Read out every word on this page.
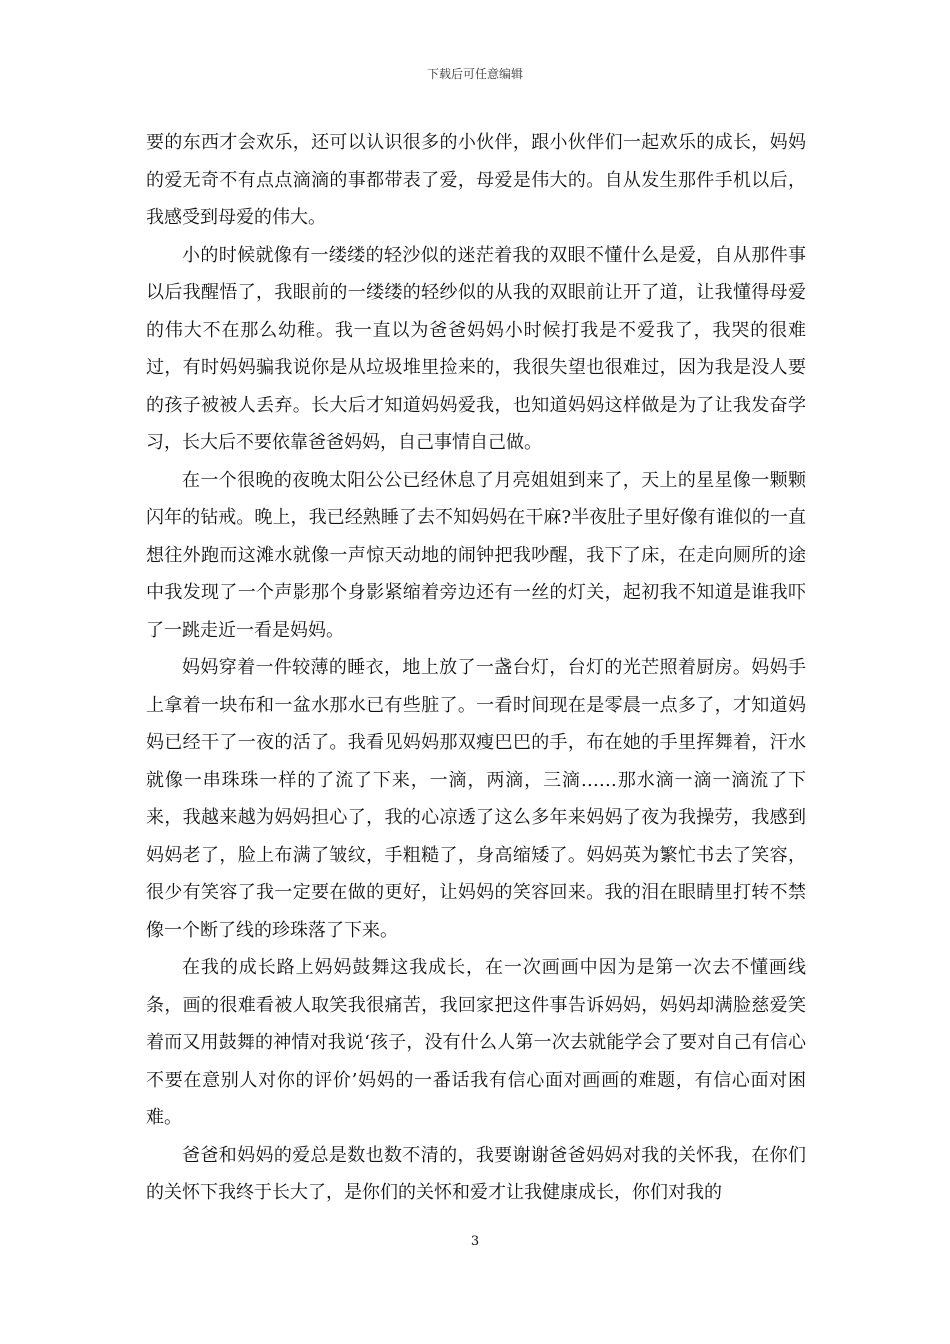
下载后可任意编辑

要的东西才会欢乐，还可以认识很多的小伙伴，跟小伙伴们一起欢乐的成长，妈妈的爱无奇不有点点滴滴的事都带表了爱，母爱是伟大的。自从发生那件手机以后，我感受到母爱的伟大。

小的时候就像有一缕缕的轻沙似的迷茫着我的双眼不懂什么是爱，自从那件事以后我醒悟了，我眼前的一缕缕的轻纱似的从我的双眼前让开了道，让我懂得母爱的伟大不在那么幼稚。我一直以为爸爸妈妈小时候打我是不爱我了，我哭的很难过，有时妈妈骗我说你是从垃圾堆里捡来的，我很失望也很难过，因为我是没人要的孩子被被人丢弃。长大后才知道妈妈爱我，也知道妈妈这样做是为了让我发奋学习，长大后不要依靠爸爸妈妈，自己事情自己做。

在一个很晚的夜晚太阳公公已经休息了月亮姐姐到来了，天上的星星像一颗颗闪年的钻戒。晚上，我已经熟睡了去不知妈妈在干麻?半夜肚子里好像有谁似的一直想往外跑而这滩水就像一声惊天动地的闹钟把我吵醒，我下了床，在走向厕所的途中我发现了一个声影那个身影紧缩着旁边还有一丝的灯关，起初我不知道是谁我吓了一跳走近一看是妈妈。

妈妈穿着一件较薄的睡衣，地上放了一盏台灯，台灯的光芒照着厨房。妈妈手上拿着一块布和一盆水那水已有些脏了。一看时间现在是零晨一点多了，才知道妈妈已经干了一夜的活了。我看见妈妈那双瘦巴巴的手，布在她的手里挥舞着，汗水就像一串珠珠一样的了流了下来，一滴，两滴，三滴……那水滴一滴一滴流了下来，我越来越为妈妈担心了，我的心凉透了这么多年来妈妈了夜为我操劳，我感到妈妈老了，脸上布满了皱纹，手粗糙了，身高缩矮了。妈妈英为繁忙书去了笑容，很少有笑容了我一定要在做的更好，让妈妈的笑容回来。我的泪在眼睛里打转不禁像一个断了线的珍珠落了下来。

在我的成长路上妈妈鼓舞这我成长，在一次画画中因为是第一次去不懂画线条，画的很难看被人取笑我很痛苦，我回家把这件事告诉妈妈，妈妈却满脸慈爱笑着而又用鼓舞的神情对我说‘孩子，没有什么人第一次去就能学会了要对自己有信心不要在意别人对你的评价’妈妈的一番话我有信心面对画画的难题，有信心面对困难。

爸爸和妈妈的爱总是数也数不清的，我要谢谢爸爸妈妈对我的关怀我，在你们的关怀下我终于长大了，是你们的关怀和爱才让我健康成长，你们对我的

3
